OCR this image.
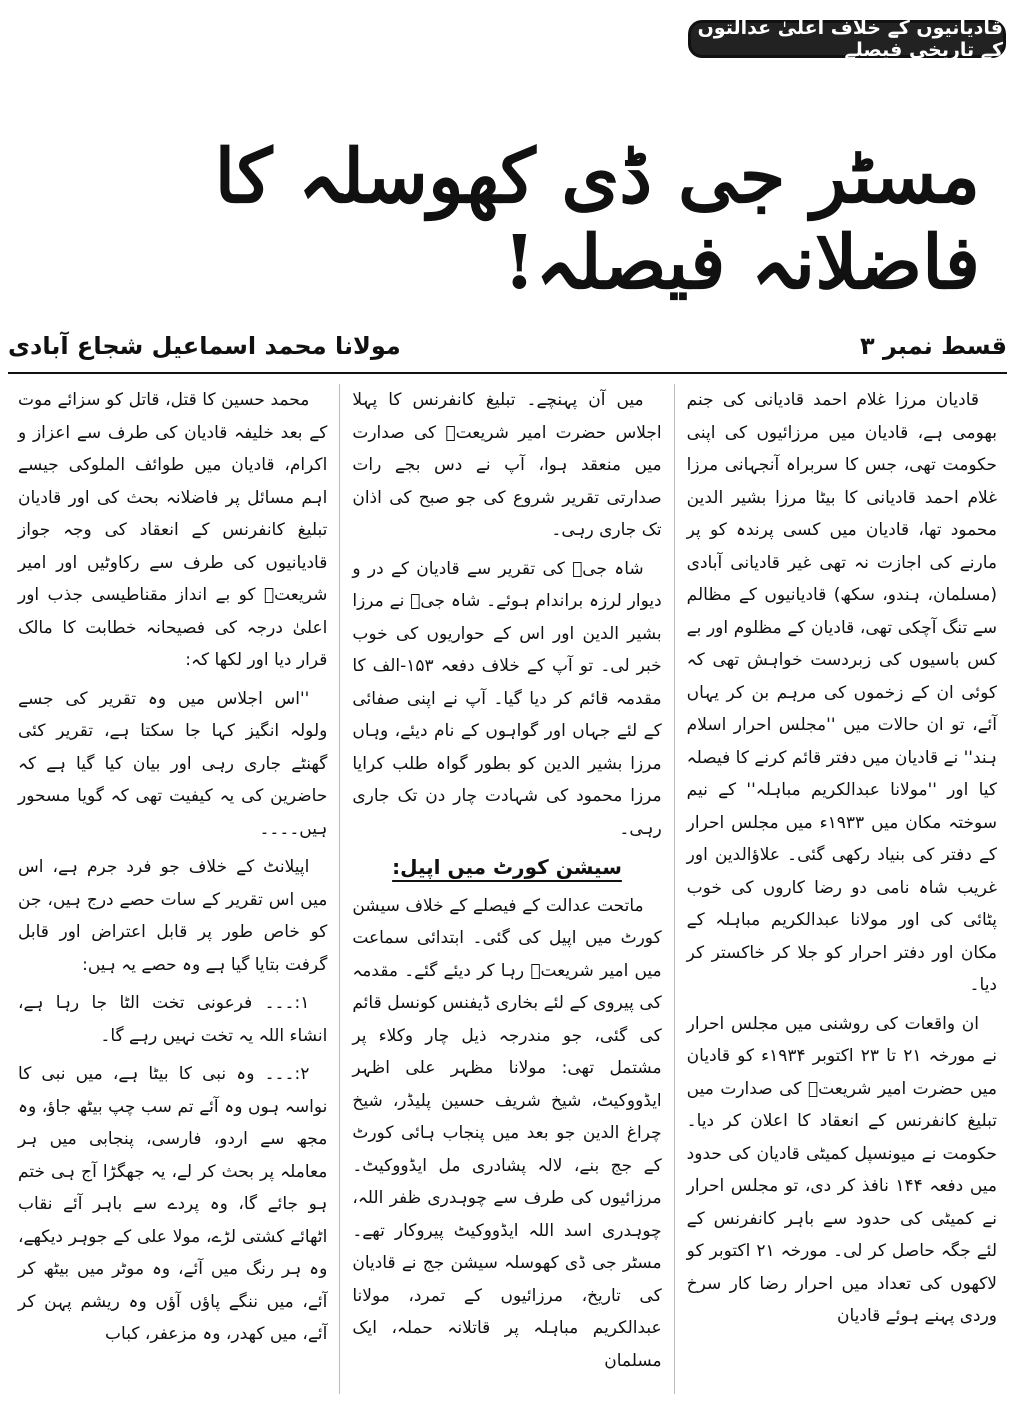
قادیانیوں کے خلاف اعلیٰ عدالتوں کے تاریخی فیصلے
مسٹر جی ڈی کھوسلہ کا فاضلانہ فیصلہ!
قسط نمبر ۳
مولانا محمد اسماعیل شجاع آبادی

قادیان مرزا غلام احمد قادیانی کی جنم بھومی ہے، قادیان میں مرزائیوں کی اپنی حکومت تھی، جس کا سربراہ آنجہانی مرزا غلام احمد قادیانی کا بیٹا مرزا بشیر الدین محمود تھا، قادیان میں کسی پرندہ کو پر مارنے کی اجازت نہ تھی غیر قادیانی آبادی (مسلمان، ہندو، سکھ) قادیانیوں کے مظالم سے تنگ آچکی تھی، قادیان کے مظلوم اور بے کس باسیوں کی زبردست خواہش تھی کہ کوئی ان کے زخموں کی مرہم بن کر یہاں آئے، تو ان حالات میں ''مجلس احرار اسلام ہند'' نے قادیان میں دفتر قائم کرنے کا فیصلہ کیا اور ''مولانا عبدالکریم مباہلہ'' کے نیم سوختہ مکان میں ۱۹۳۳ء میں مجلس احرار کے دفتر کی بنیاد رکھی گئی۔ علاؤالدین اور غریب شاہ نامی دو رضا کاروں کی خوب پٹائی کی اور مولانا عبدالکریم مباہلہ کے مکان اور دفتر احرار کو جلا کر خاکستر کر دیا۔

ان واقعات کی روشنی میں مجلس احرار نے مورخہ ۲۱ تا ۲۳ اکتوبر ۱۹۳۴ء کو قادیان میں حضرت امیر شریعتؒ کی صدارت میں تبلیغ کانفرنس کے انعقاد کا اعلان کر دیا۔ حکومت نے میونسپل کمیٹی قادیان کی حدود میں دفعہ ۱۴۴ نافذ کر دی، تو مجلس احرار نے کمیٹی کی حدود سے باہر کانفرنس کے لئے جگہ حاصل کر لی۔ مورخہ ۲۱ اکتوبر کو لاکھوں کی تعداد میں احرار رضا کار سرخ وردی پہنے ہوئے قادیان

میں آن پہنچے۔ تبلیغ کانفرنس کا پہلا اجلاس حضرت امیر شریعتؒ کی صدارت میں منعقد ہوا، آپ نے دس بجے رات صدارتی تقریر شروع کی جو صبح کی اذان تک جاری رہی۔

شاہ جیؒ کی تقریر سے قادیان کے در و دیوار لرزہ براندام ہوئے۔ شاہ جیؒ نے مرزا بشیر الدین اور اس کے حواریوں کی خوب خبر لی۔ تو آپ کے خلاف دفعہ ۱۵۳-الف کا مقدمہ قائم کر دیا گیا۔ آپ نے اپنی صفائی کے لئے جہاں اور گواہوں کے نام دیئے، وہاں مرزا بشیر الدین کو بطور گواہ طلب کرایا مرزا محمود کی شہادت چار دن تک جاری رہی۔

سیشن کورٹ میں اپیل:

ماتحت عدالت کے فیصلے کے خلاف سیشن کورٹ میں اپیل کی گئی۔ ابتدائی سماعت میں امیر شریعتؒ رہا کر دیئے گئے۔ مقدمہ کی پیروی کے لئے بخاری ڈیفنس کونسل قائم کی گئی، جو مندرجہ ذیل چار وکلاء پر مشتمل تھی: مولانا مظہر علی اظہر ایڈووکیٹ، شیخ شریف حسین پلیڈر، شیخ چراغ الدین جو بعد میں پنجاب ہائی کورٹ کے جج بنے، لالہ پشادری مل ایڈووکیٹ۔ مرزائیوں کی طرف سے چوہدری ظفر اللہ، چوہدری اسد اللہ ایڈووکیٹ پیروکار تھے۔ مسٹر جی ڈی کھوسلہ سیشن جج نے قادیان کی تاریخ، مرزائیوں کے تمرد، مولانا عبدالکریم مباہلہ پر قاتلانہ حملہ، ایک مسلمان

محمد حسین کا قتل، قاتل کو سزائے موت کے بعد خلیفہ قادیان کی طرف سے اعزاز و اکرام، قادیان میں طوائف الملوکی جیسے اہم مسائل پر فاضلانہ بحث کی اور قادیان تبلیغ کانفرنس کے انعقاد کی وجہ جواز قادیانیوں کی طرف سے رکاوٹیں اور امیر شریعتؒ کو بے انداز مقناطیسی جذب اور اعلیٰ درجہ کی فصیحانہ خطابت کا مالک قرار دیا اور لکھا کہ:

''اس اجلاس میں وہ تقریر کی جسے ولولہ انگیز کہا جا سکتا ہے، تقریر کئی گھنٹے جاری رہی اور بیان کیا گیا ہے کہ حاضرین کی یہ کیفیت تھی کہ گویا مسحور ہیں۔۔۔۔

اپیلانٹ کے خلاف جو فرد جرم ہے، اس میں اس تقریر کے سات حصے درج ہیں، جن کو خاص طور پر قابل اعتراض اور قابل گرفت بتایا گیا ہے وہ حصے یہ ہیں:

۱:۔۔۔ فرعونی تخت الٹا جا رہا ہے، انشاء اللہ یہ تخت نہیں رہے گا۔

۲:۔۔۔ وہ نبی کا بیٹا ہے، میں نبی کا نواسہ ہوں وہ آئے تم سب چپ بیٹھ جاؤ، وہ مجھ سے اردو، فارسی، پنجابی میں ہر معاملہ پر بحث کر لے، یہ جھگڑا آج ہی ختم ہو جائے گا، وہ پردے سے باہر آئے نقاب اٹھائے کشتی لڑے، مولا علی کے جوہر دیکھے، وہ ہر رنگ میں آئے، وہ موٹر میں بیٹھ کر آئے، میں ننگے پاؤں آؤں وہ ریشم پہن کر آئے، میں کھدر، وہ مزعفر، کباب
